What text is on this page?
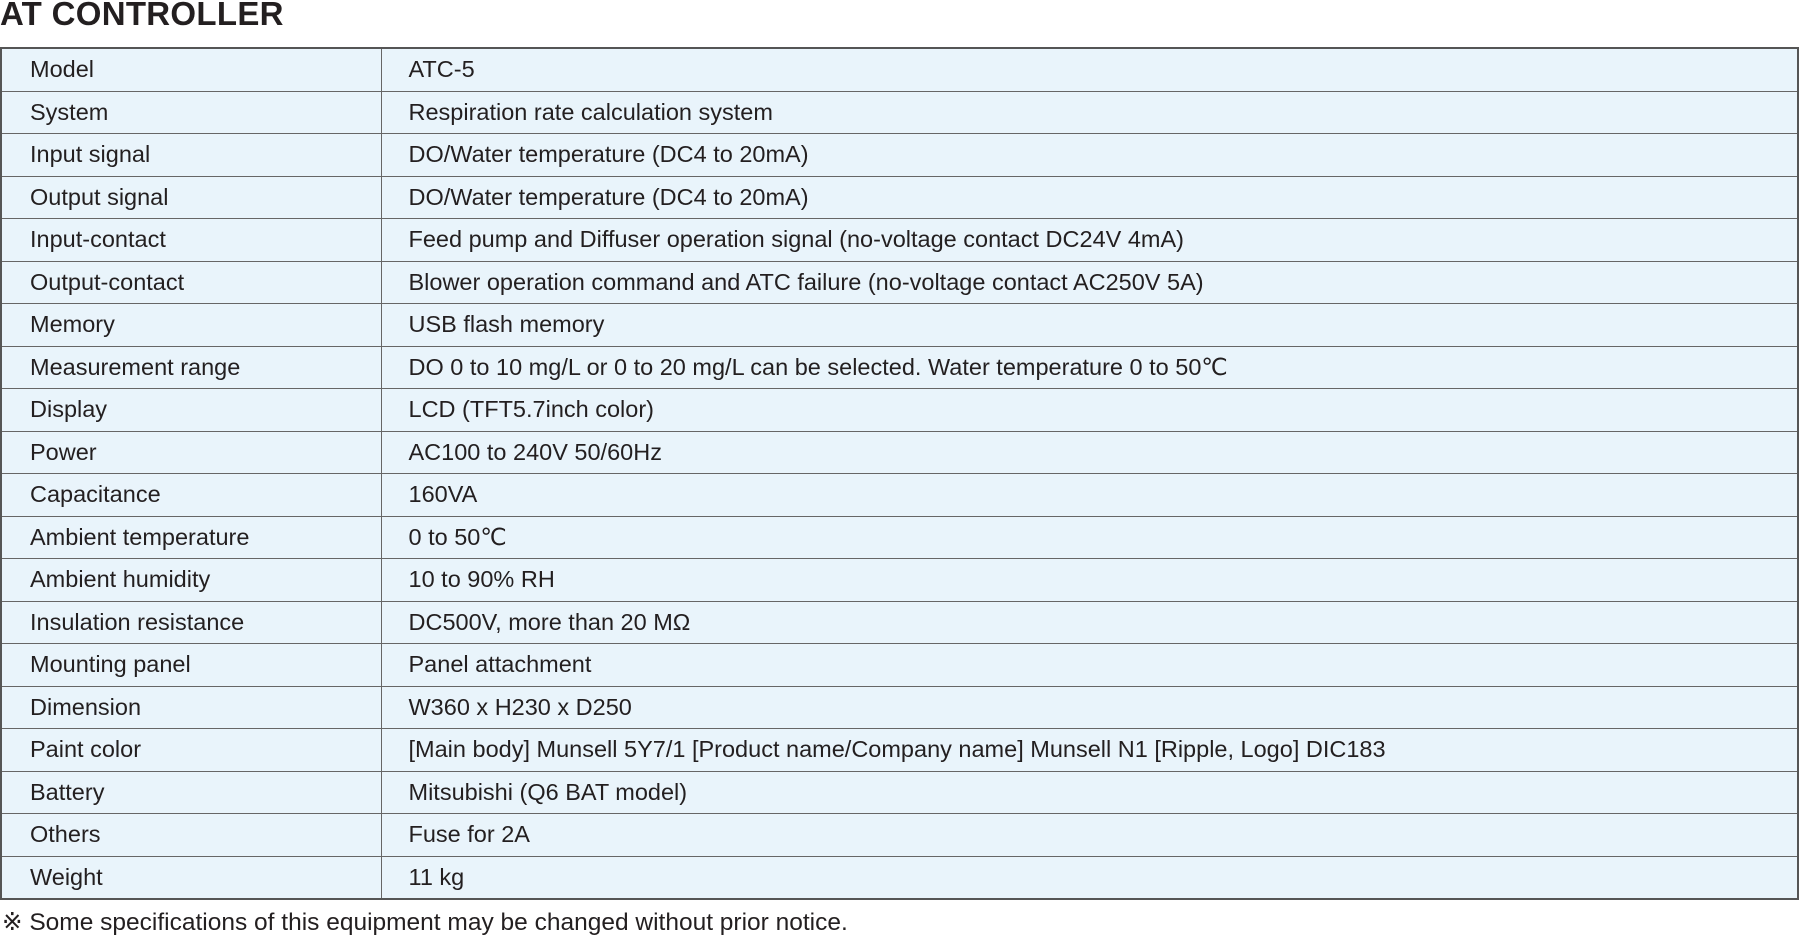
AT CONTROLLER
Model	ATC-5
System	Respiration rate calculation system
Input signal	DO/Water temperature (DC4 to 20mA)
Output signal	DO/Water temperature (DC4 to 20mA)
Input-contact	Feed pump and Diffuser operation signal (no-voltage contact DC24V 4mA)
Output-contact	Blower operation command and ATC failure (no-voltage contact AC250V 5A)
Memory	USB flash memory
Measurement range	DO 0 to 10 mg/L or 0 to 20 mg/L can be selected. Water temperature 0 to 50℃
Display	LCD (TFT5.7inch color)
Power	AC100 to 240V 50/60Hz
Capacitance	160VA
Ambient temperature	0 to 50℃
Ambient humidity	10 to 90% RH
Insulation resistance	DC500V, more than 20 MΩ
Mounting panel	Panel attachment
Dimension	W360 x H230 x D250
Paint color	[Main body] Munsell 5Y7/1 [Product name/Company name] Munsell N1 [Ripple, Logo] DIC183
Battery	Mitsubishi (Q6 BAT model)
Others	Fuse for 2A
Weight	11 kg
※ Some specifications of this equipment may be changed without prior notice.
